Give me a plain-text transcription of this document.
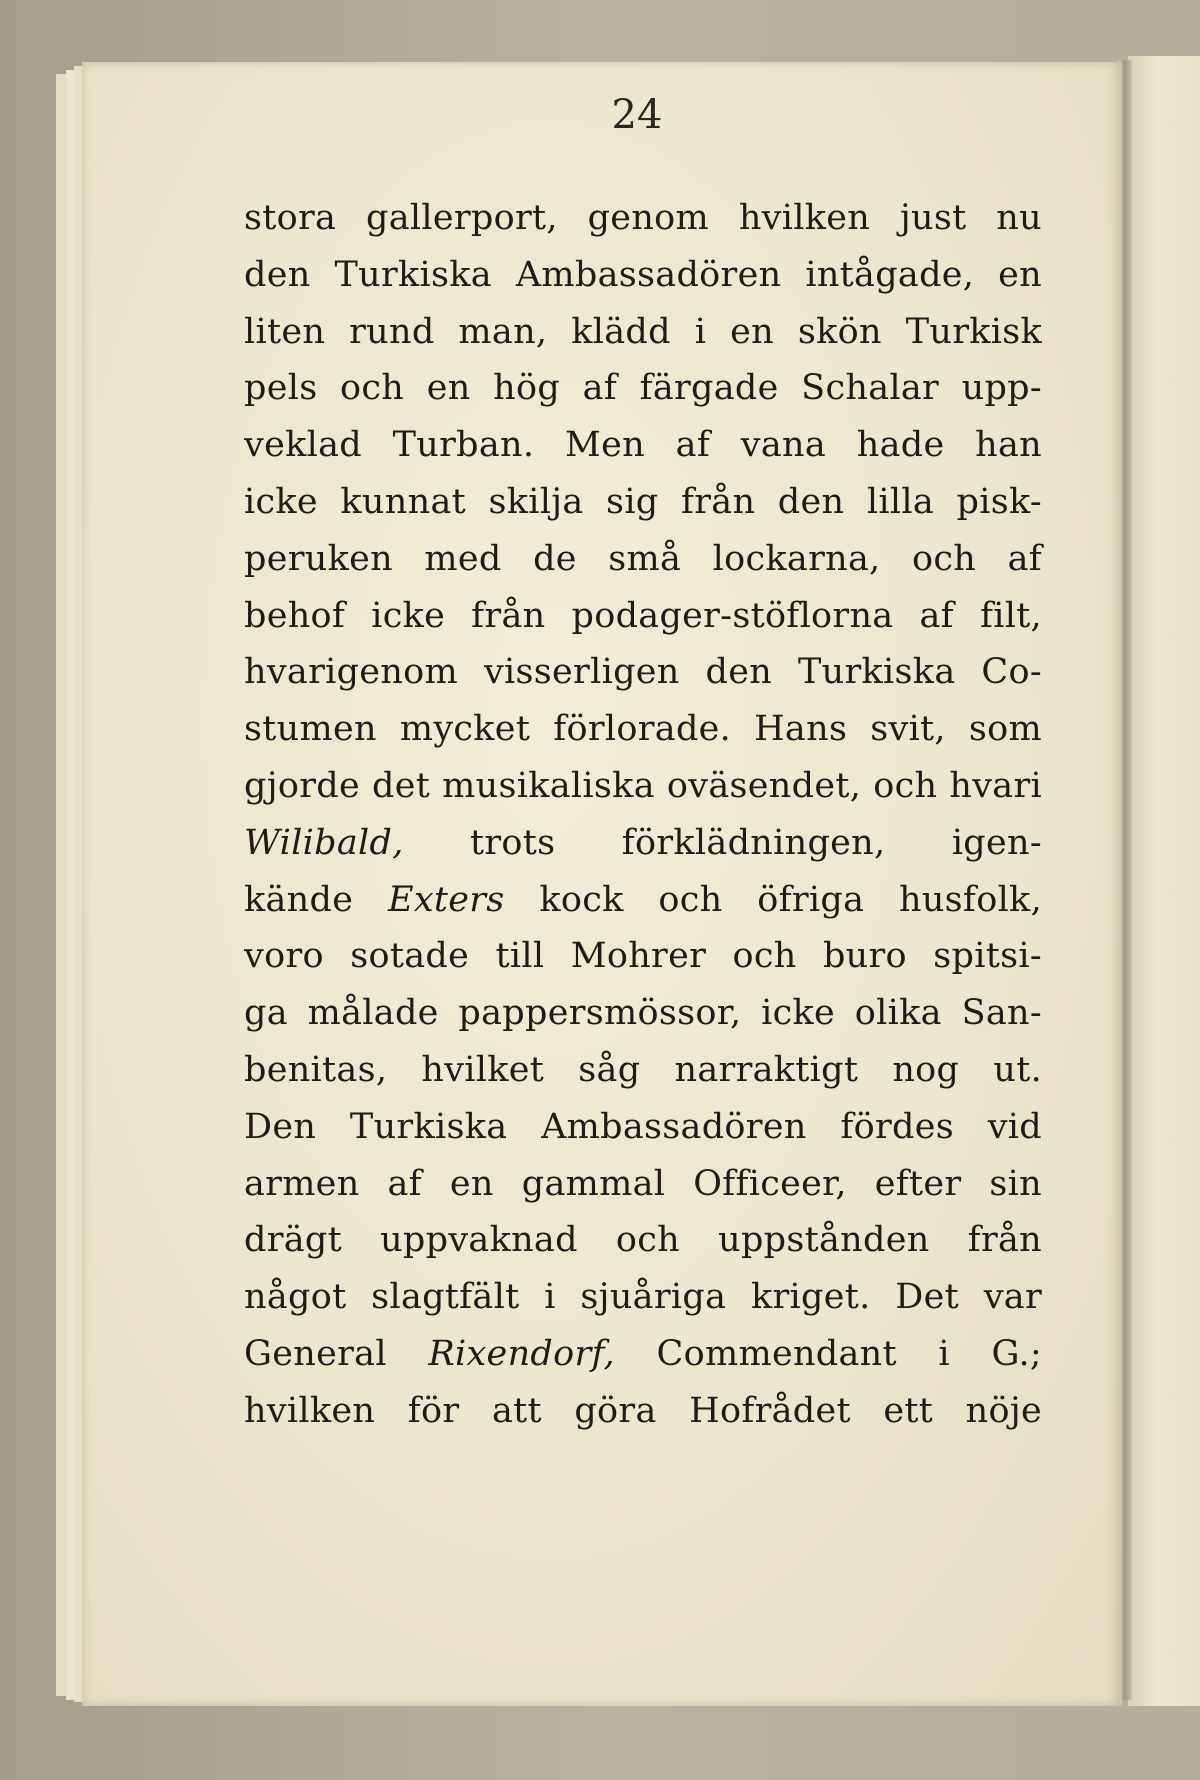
24
stora gallerport, genom hvilken just nu
den Turkiska Ambassadören intågade, en
liten rund man, klädd i en skön Turkisk
pels och en hög af färgade Schalar upp-
veklad Turban. Men af vana hade han
icke kunnat skilja sig från den lilla pisk-
peruken med de små lockarna, och af
behof icke från podager-stöflorna af filt,
hvarigenom visserligen den Turkiska Co-
stumen mycket förlorade. Hans svit, som
gjorde det musikaliska oväsendet, och hvari
Wilibald, trots förklädningen, igen-
kände Exters kock och öfriga husfolk,
voro sotade till Mohrer och buro spitsi-
ga målade pappersmössor, icke olika San-
benitas, hvilket såg narraktigt nog ut.
Den Turkiska Ambassadören fördes vid
armen af en gammal Officeer, efter sin
drägt uppvaknad och uppstånden från
något slagtfält i sjuåriga kriget. Det var
General Rixendorf, Commendant i G.;
hvilken för att göra Hofrådet ett nöje
